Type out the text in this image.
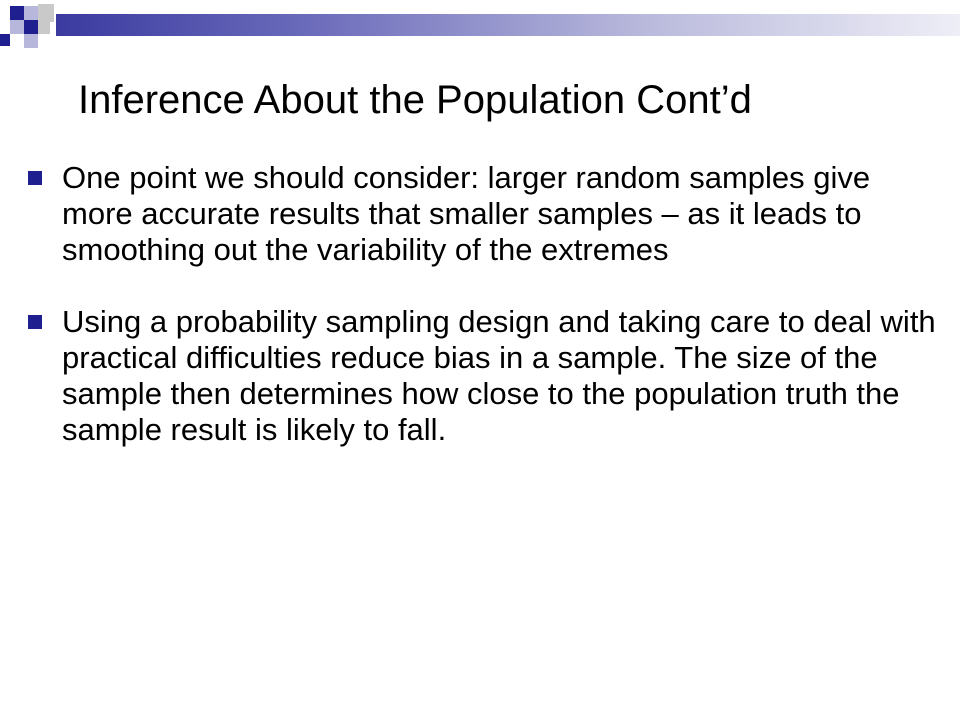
Inference About the Population Cont’d
One point we should consider: larger random samples give more accurate results that smaller samples – as it leads to smoothing out the variability of the extremes
Using a probability sampling design and taking care to deal with practical difficulties reduce bias in a sample. The size of the sample then determines how close to the population truth the sample result is likely to fall.
